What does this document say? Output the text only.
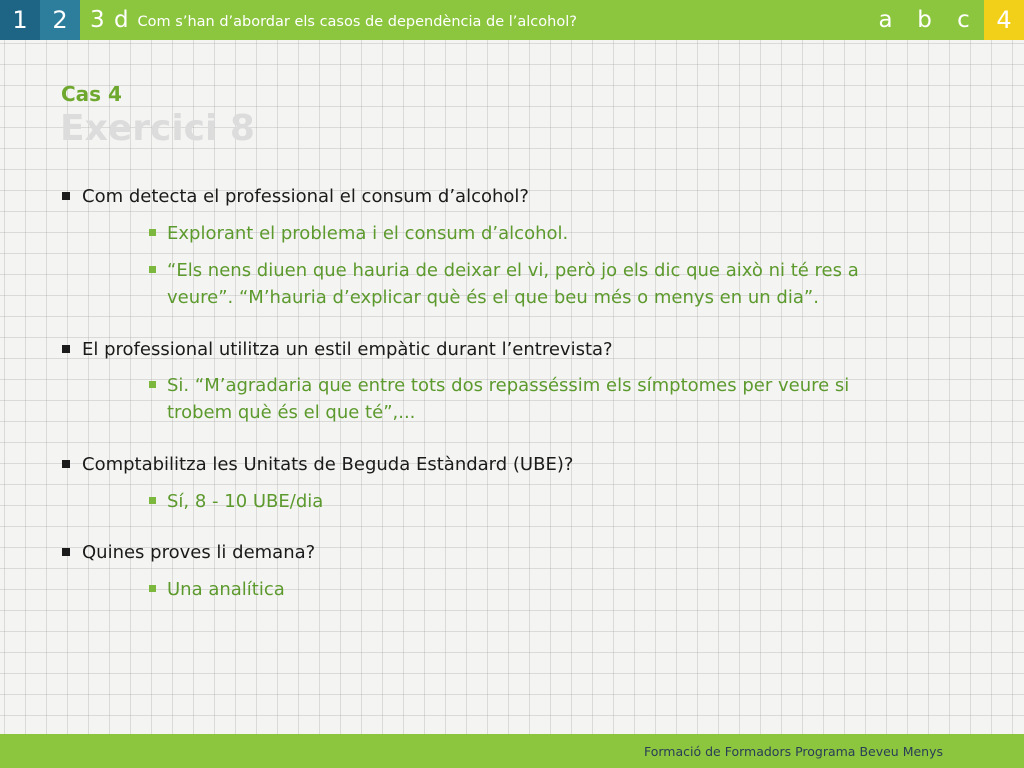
1	2 3 d Com s’han d’abordar els casos de dependència de l’alcohol?	a	b	c	4
Cas 4
Exercici 8
Com detecta el professional el consum d’alcohol?
Explorant el problema i el consum d’alcohol.
“Els nens diuen que hauria de deixar el vi, però jo els dic que això ni té res a veure”. “M’hauria d’explicar què és el que beu més o menys en un dia”.
El professional utilitza un estil empàtic durant l’entrevista?
Si. “M’agradaria que entre tots dos repasséssim els símptomes per veure si trobem què és el que té”,...
Comptabilitza les Unitats de Beguda Estàndard (UBE)?
Sí, 8 - 10 UBE/dia
Quines proves li demana?
Una analítica
Formació de Formadors Programa Beveu Menys
